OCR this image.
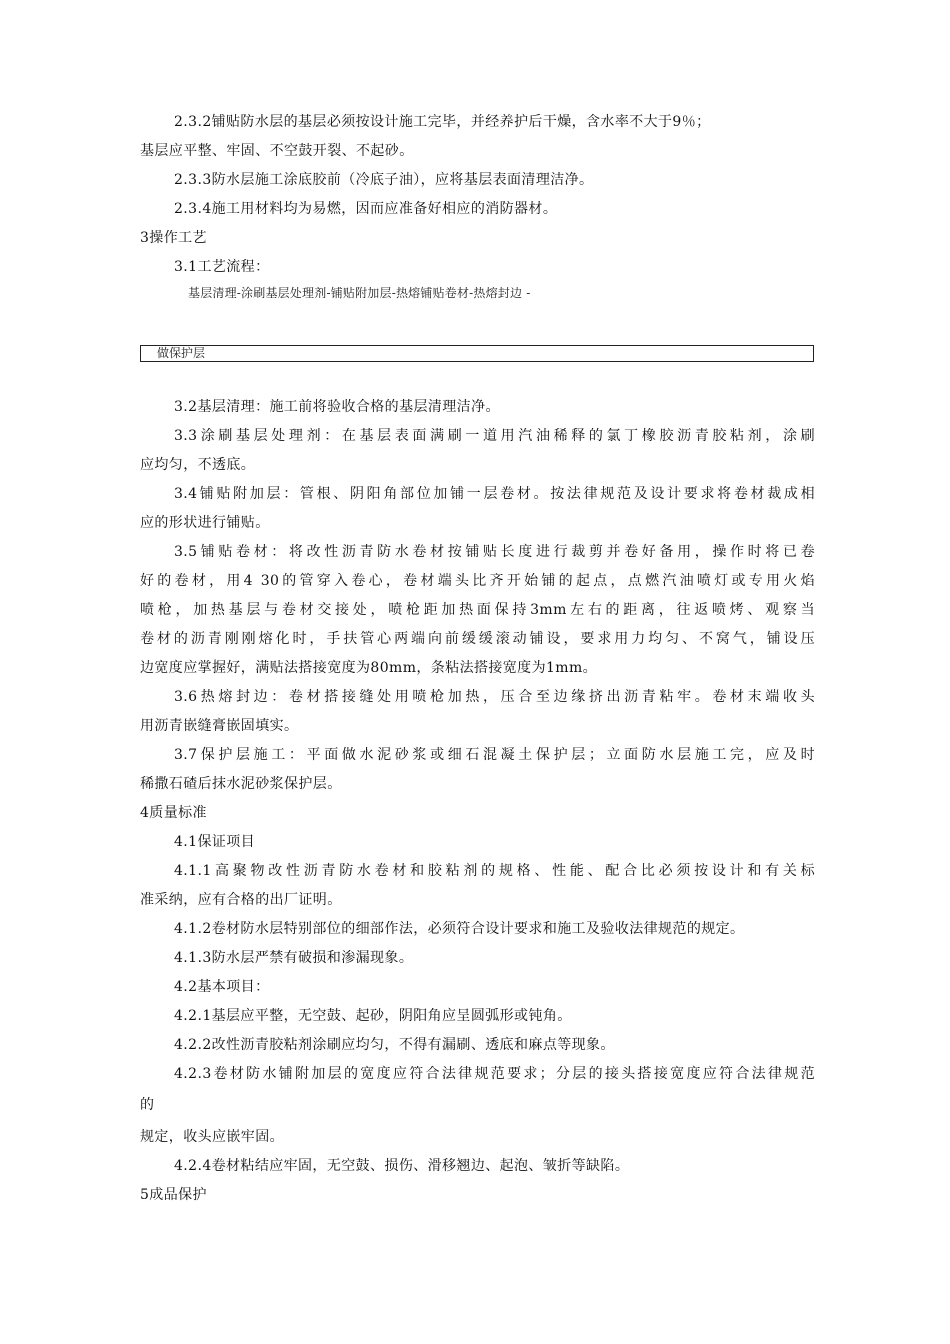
2.3.2铺贴防水层的基层必须按设计施工完毕，并经养护后干燥，含水率不大于9％；
基层应平整、牢固、不空鼓开裂、不起砂。
2.3.3防水层施工涂底胶前（冷底子油），应将基层表面清理洁净。
2.3.4施工用材料均为易燃，因而应准备好相应的消防器材。
3操作工艺
3.1工艺流程：
基层清理-涂刷基层处理剂-铺贴附加层-热熔铺贴卷材-热熔封边 -
做保护层
3.2基层清理：施工前将验收合格的基层清理洁净。
3.3涂刷基层处理剂：在基层表面满刷一道用汽油稀释的氯丁橡胶沥青胶粘剂，涂刷
应均匀，不透底。
3.4铺贴附加层：管根、阴阳角部位加铺一层卷材。按法律规范及设计要求将卷材裁成相
应的形状进行铺贴。
3.5铺贴卷材：将改性沥青防水卷材按铺贴长度进行裁剪并卷好备用，操作时将已卷
好的卷材，用4 30的管穿入卷心，卷材端头比齐开始铺的起点，点燃汽油喷灯或专用火焰
喷枪，加热基层与卷材交接处，喷枪距加热面保持3mm左右的距离，往返喷烤、观察当
卷材的沥青刚刚熔化时，手扶管心两端向前缓缓滚动铺设，要求用力均匀、不窝气，铺设压
边宽度应掌握好，满贴法搭接宽度为80mm，条粘法搭接宽度为1mm。
3.6热熔封边：卷材搭接缝处用喷枪加热，压合至边缘挤出沥青粘牢。卷材末端收头
用沥青嵌缝膏嵌固填实。
3.7保护层施工：平面做水泥砂浆或细石混凝土保护层；立面防水层施工完，应及时
稀撒石碴后抹水泥砂浆保护层。
4质量标准
4.1保证项目
4.1.1高聚物改性沥青防水卷材和胶粘剂的规格、性能、配合比必须按设计和有关标
准采纳，应有合格的出厂证明。
4.1.2卷材防水层特别部位的细部作法，必须符合设计要求和施工及验收法律规范的规定。
4.1.3防水层严禁有破损和渗漏现象。
4.2基本项目：
4.2.1基层应平整，无空鼓、起砂，阴阳角应呈圆弧形或钝角。
4.2.2改性沥青胶粘剂涂刷应均匀，不得有漏刷、透底和麻点等现象。
4.2.3卷材防水铺附加层的宽度应符合法律规范要求；分层的接头搭接宽度应符合法律规范
的
规定，收头应嵌牢固。
4.2.4卷材粘结应牢固，无空鼓、损伤、滑移翘边、起泡、皱折等缺陷。
5成品保护
